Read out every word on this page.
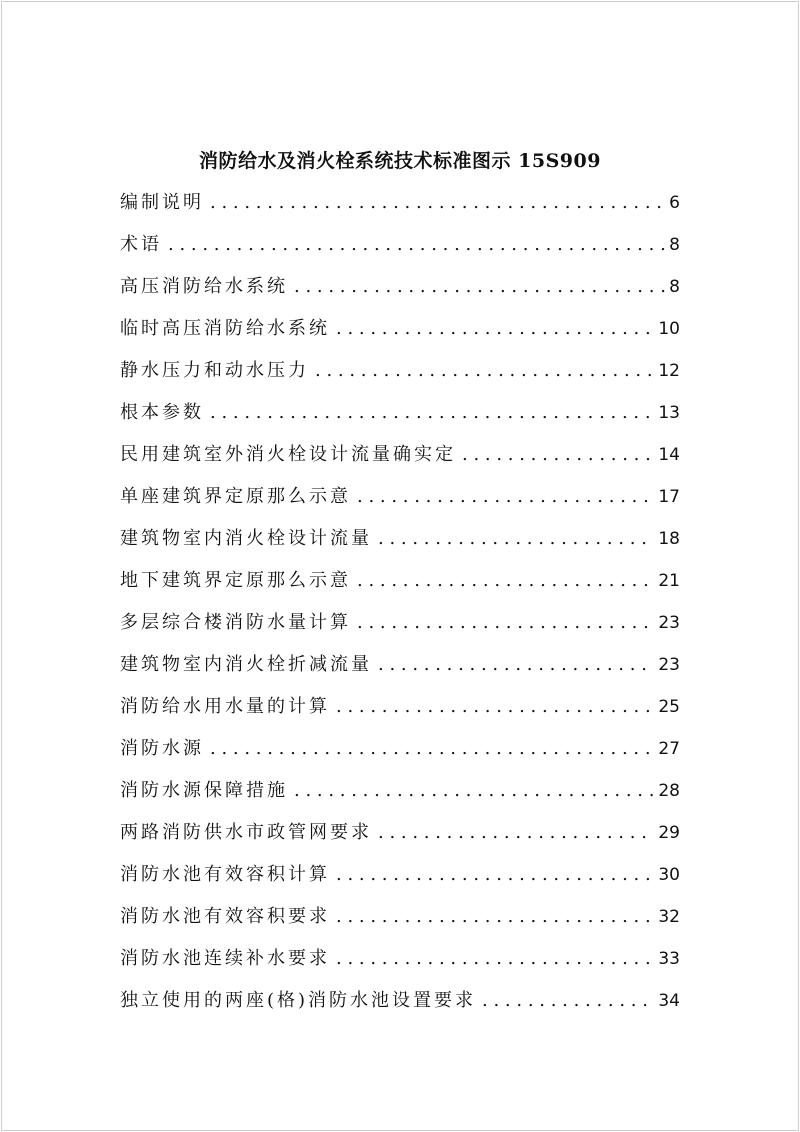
消防给水及消火栓系统技术标准图示 15S909
编制说明 . . .	6
术语 . . .	8
高压消防给水系统 . . .	8
临时高压消防给水系统 . . .	10
静水压力和动水压力 . . .	12
根本参数 . . .	13
民用建筑室外消火栓设计流量确实定 . . .	14
单座建筑界定原那么示意 . . .	17
建筑物室内消火栓设计流量 . . .	18
地下建筑界定原那么示意 . . .	21
多层综合楼消防水量计算 . . .	23
建筑物室内消火栓折减流量 . . .	23
消防给水用水量的计算 . . .	25
消防水源 . . .	27
消防水源保障措施 . . .	28
两路消防供水市政管网要求 . . .	29
消防水池有效容积计算 . . .	30
消防水池有效容积要求 . . .	32
消防水池连续补水要求 . . .	33
独立使用的两座(格)消防水池设置要求 . . .	34
